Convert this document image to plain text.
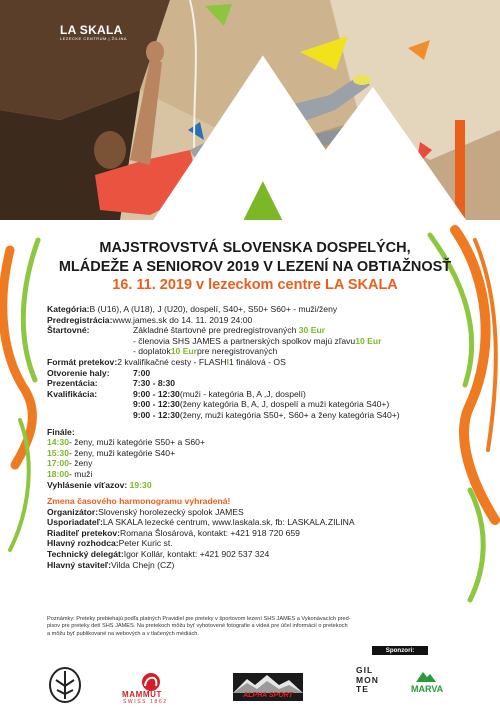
LA SKALA
LEZECKE CENTRUM | ŽILINA
MAJSTROVSTVÁ SLOVENSKA DOSPELÝCH,
MLÁDEŽE A SENIOROV 2019 V LEZENÍ NA OBTIAŽNOSŤ
16. 11. 2019 v lezeckom centre LA SKALA
Kategória: B (U16), A (U18), J (U20), dospelí, S40+, S50+ S60+ - muži/ženy
Predregistrácia: www.james.sk do 14. 11. 2019 24:00
Štartovné:	Základné štartovné pre predregistrovaných
30 Eur
- členovia SHS JAMES a partnerských spolkov majú zľavu 10 Eur
- doplatok 10 Eur pre neregistrovaných
Formát pretekov: 2 kvalifikačné cesty - FLASH I 1 finálová - OS
Otvorenie haly:	7:00
Prezentácia:	7:30 - 8:30
Kvalifikácia:	9:00 - 12:30 (muži - kategória B, A ,J, dospelí)
9:00 - 12:30 (ženy kategória B, A, J, dospelí a muži kategória S40+)
9:00 - 12:30 (ženy, muži kategória S50+, S60+ a ženy kategória S40+)
Finále:
14:30 - ženy, muži kategórie S50+ a S60+
15:30 - ženy, muži kategórie S40+
17:00 - ženy
18:00 - muži
Vyhlásenie víťazov:
19:30
Zmena časového harmonogramu vyhradená!
Organizátor: Slovenský horolezecký spolok JAMES
Usporiadateľ: LA SKALA lezecké centrum, www.laskala.sk, fb: LASKALA.ZILINA
Riaditeľ pretekov: Romana Šlosárová, kontakt: +421 918 720 659
Hlavný rozhodca: Peter Kuric st.
Technický delegát: Igor Kollár, kontakt: +421 902 537 324
Hlavný staviteľ: Vilda Chejn (CZ)
Poznámky: Preteky prebiehajú podľa platných Pravidiel pre preteky v športovom lezení SHS JAMES a Vykonávacích pred-
pisov pre preteky detí SHS JAMES. Na pretekoch môžu byť vyhotovené fotografie a videá pre účel informácií o pretekoch
a môžu byť publikované na webových a v tlačených médiách.
Sponzori:
MAMMUT
SWISS 1862
ALPHA SPORT
GIL
MON
TE	MARVA
